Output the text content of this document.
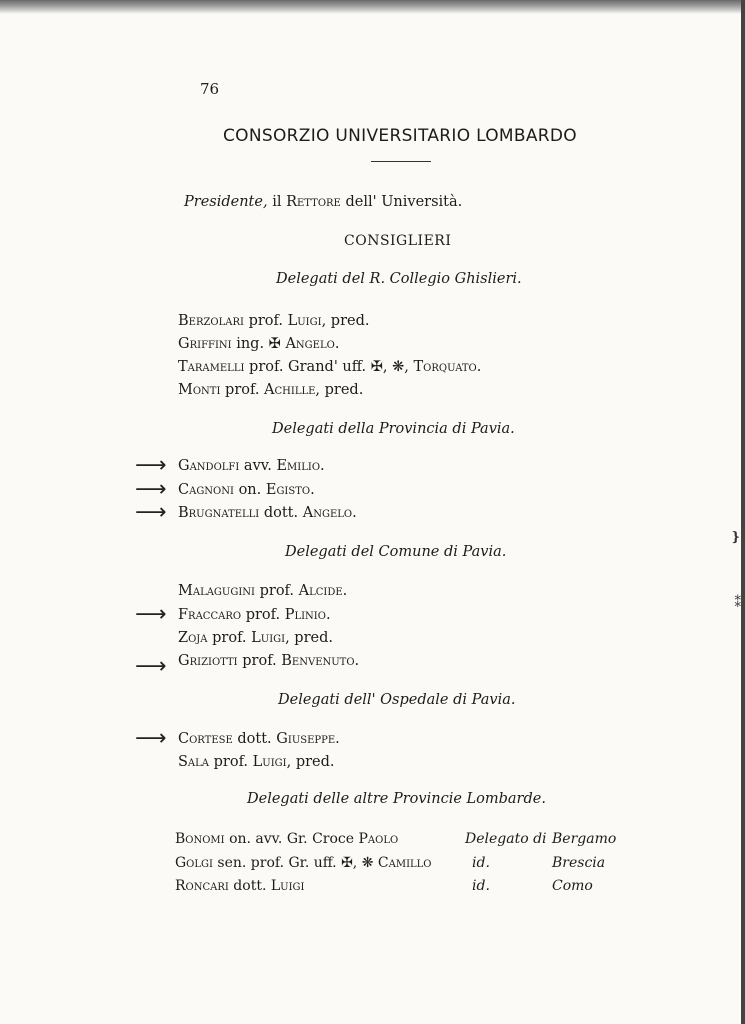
❵
⁑
76
CONSORZIO UNIVERSITARIO LOMBARDO
Presidente, il Rettore dell' Università.
CONSIGLIERI
Delegati del R. Collegio Ghislieri.
Berzolari prof. Luigi, pred.
Griffini ing. ✠ Angelo.
Taramelli prof. Grand' uff. ✠, ❋, Torquato.
Monti prof. Achille, pred.
Delegati della Provincia di Pavia.
⟶ Gandolfi avv. Emilio.
⟶ Cagnoni on. Egisto.
⟶ Brugnatelli dott. Angelo.
Delegati del Comune di Pavia.
Malagugini prof. Alcide.
⟶ Fraccaro prof. Plinio.
Zoja prof. Luigi, pred.
⟶ Griziotti prof. Benvenuto.
Delegati dell' Ospedale di Pavia.
⟶ Cortese dott. Giuseppe.
Sala prof. Luigi, pred.
Delegati delle altre Provincie Lombarde.
Bonomi on. avv. Gr. Croce Paolo	Delegato di Bergamo
Golgi sen. prof. Gr. uff. ✠, ❋ Camillo	id.	Brescia
Roncari dott. Luigi	id.	Como
